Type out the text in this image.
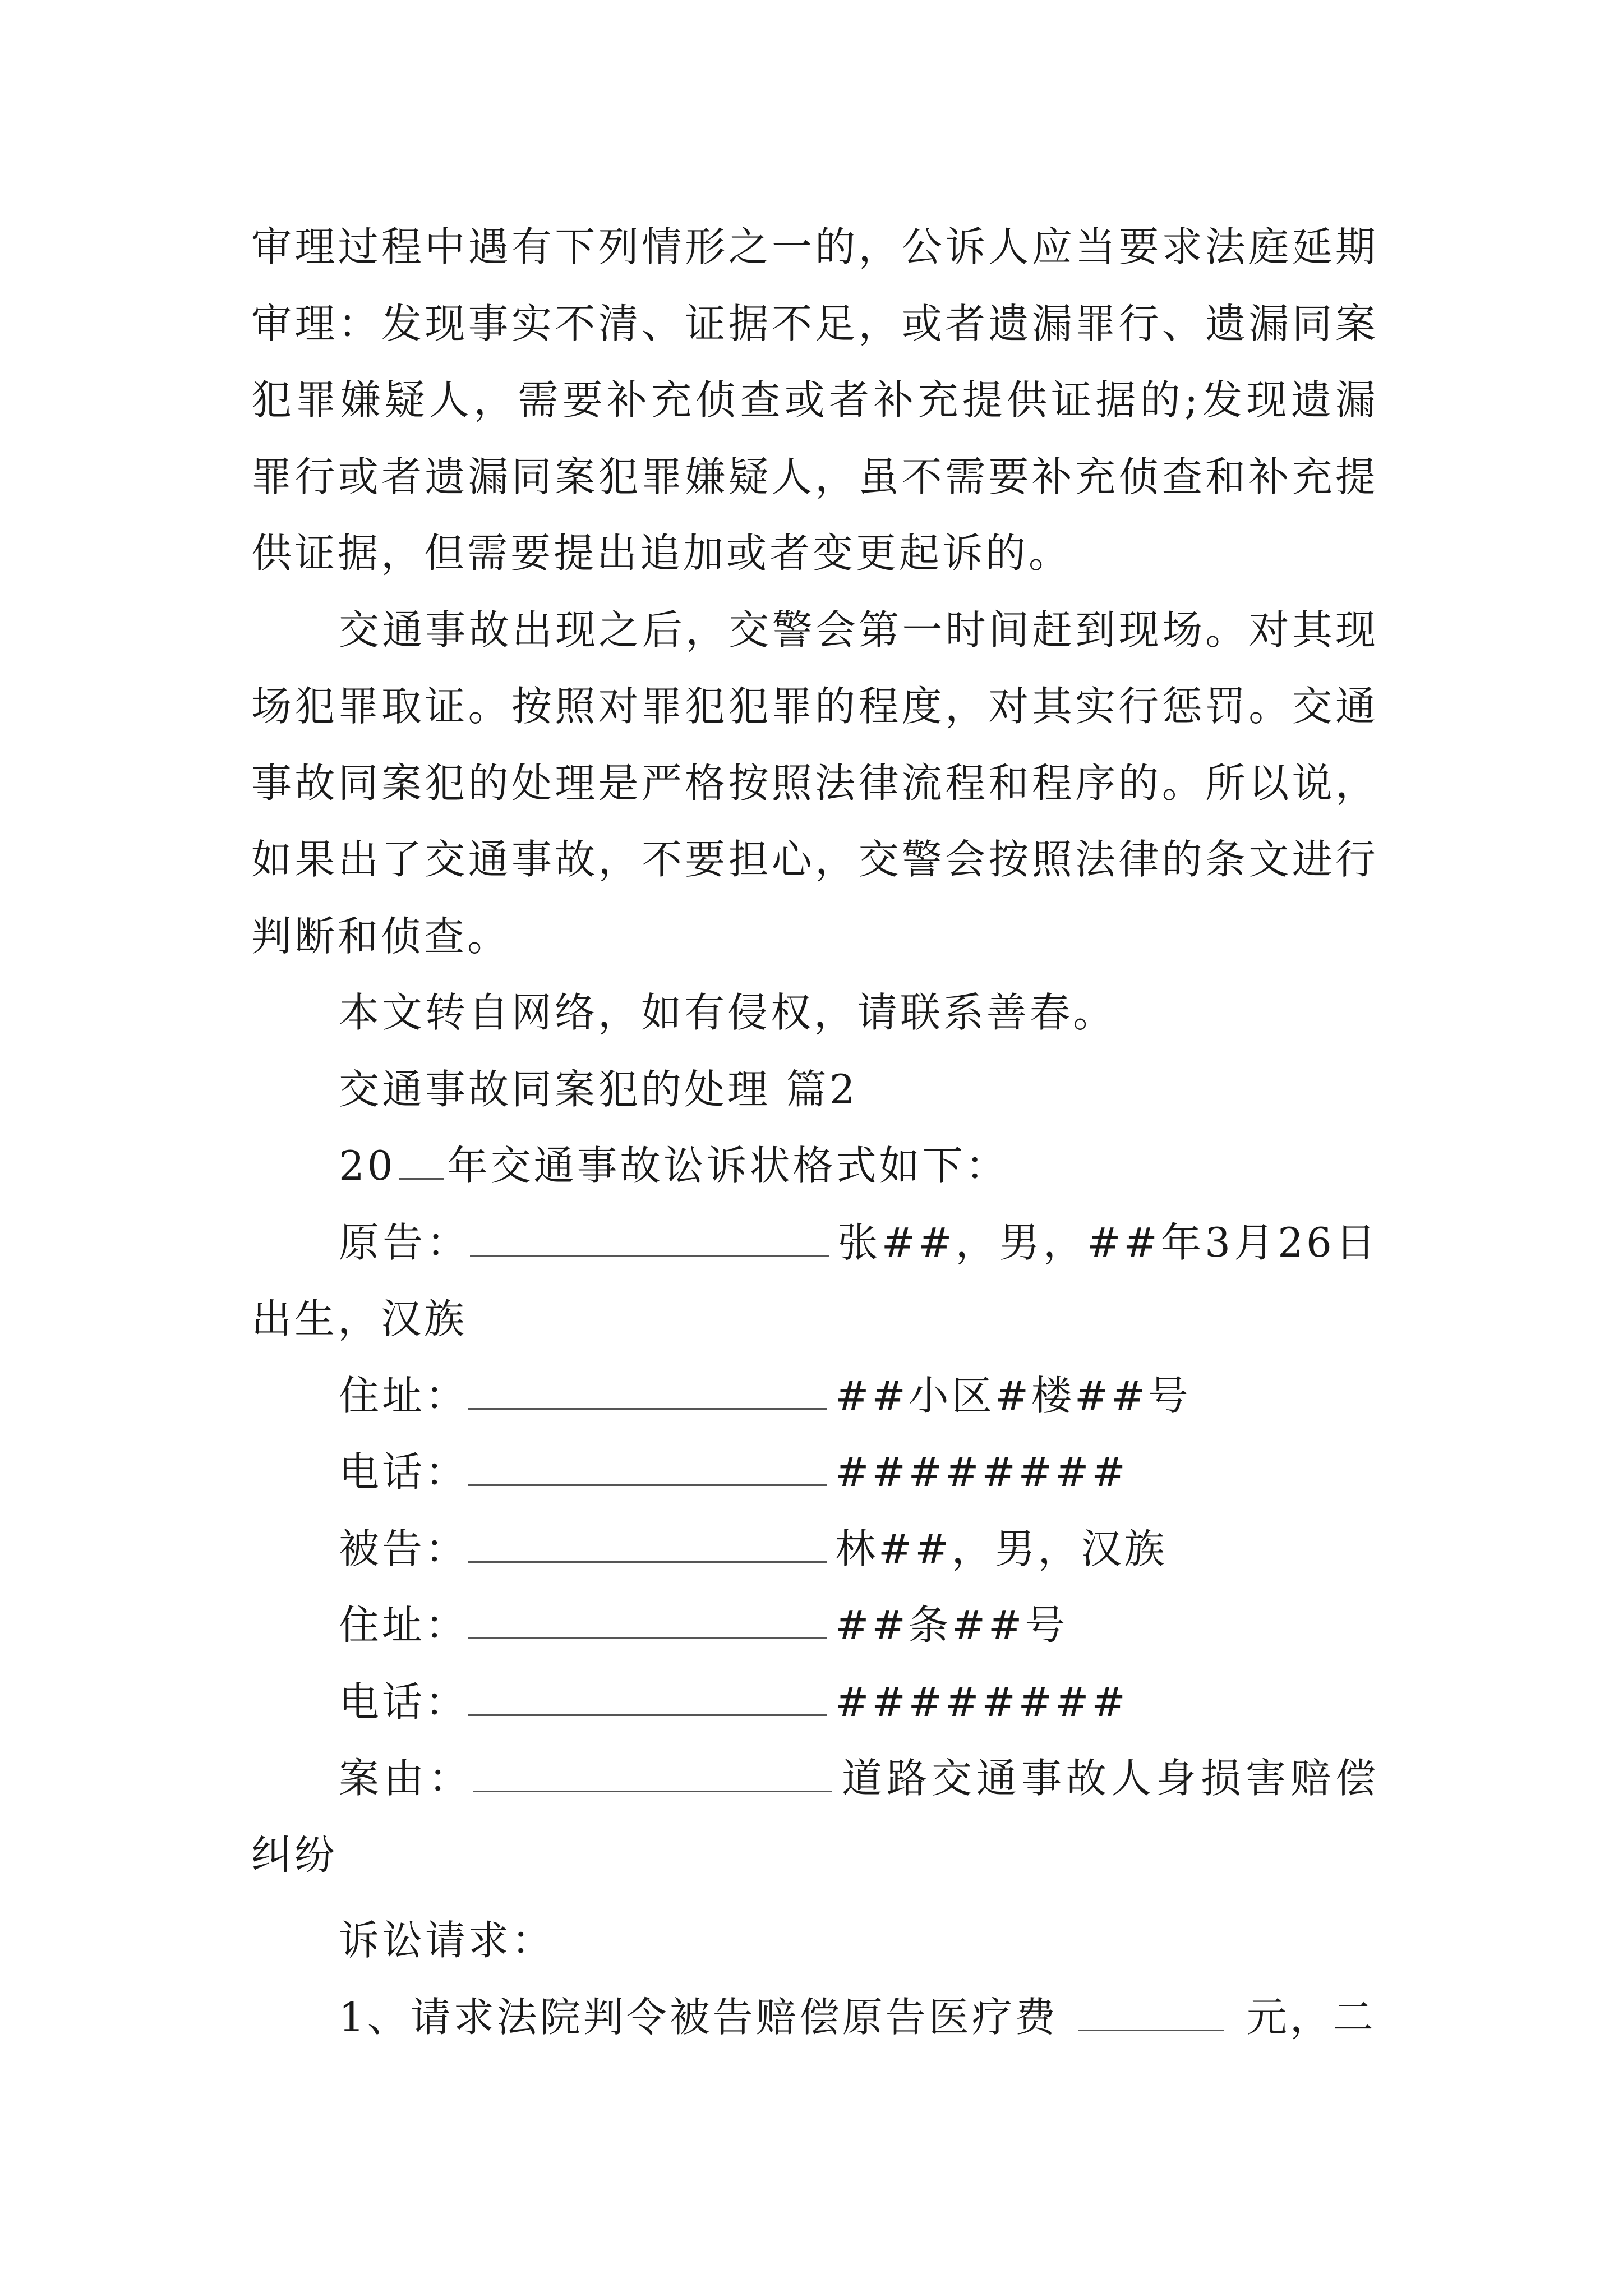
审理过程中遇有下列情形之一的，公诉人应当要求法庭延期审理：发现事实不清、证据不足，或者遗漏罪行、遗漏同案犯罪嫌疑人，需要补充侦查或者补充提供证据的;发现遗漏罪行或者遗漏同案犯罪嫌疑人，虽不需要补充侦查和补充提供证据，但需要提出追加或者变更起诉的。

交通事故出现之后，交警会第一时间赶到现场。对其现场犯罪取证。按照对罪犯犯罪的程度，对其实行惩罚。交通事故同案犯的处理是严格按照法律流程和程序的。所以说，如果出了交通事故，不要担心，交警会按照法律的条文进行判断和侦查。

本文转自网络，如有侵权，请联系善春。

交通事故同案犯的处理 篇2

20 年交通事故讼诉状格式如下：

原告：	张##，男，##年3月26日出生，汉族

住址：	##小区#楼##号

电话：	########

被告：	林##，男，汉族

住址：	##条##号

电话：	########

案由：	道路交通事故人身损害赔偿纠纷

诉讼请求：

1、请求法院判令被告赔偿原告医疗费	元，二
